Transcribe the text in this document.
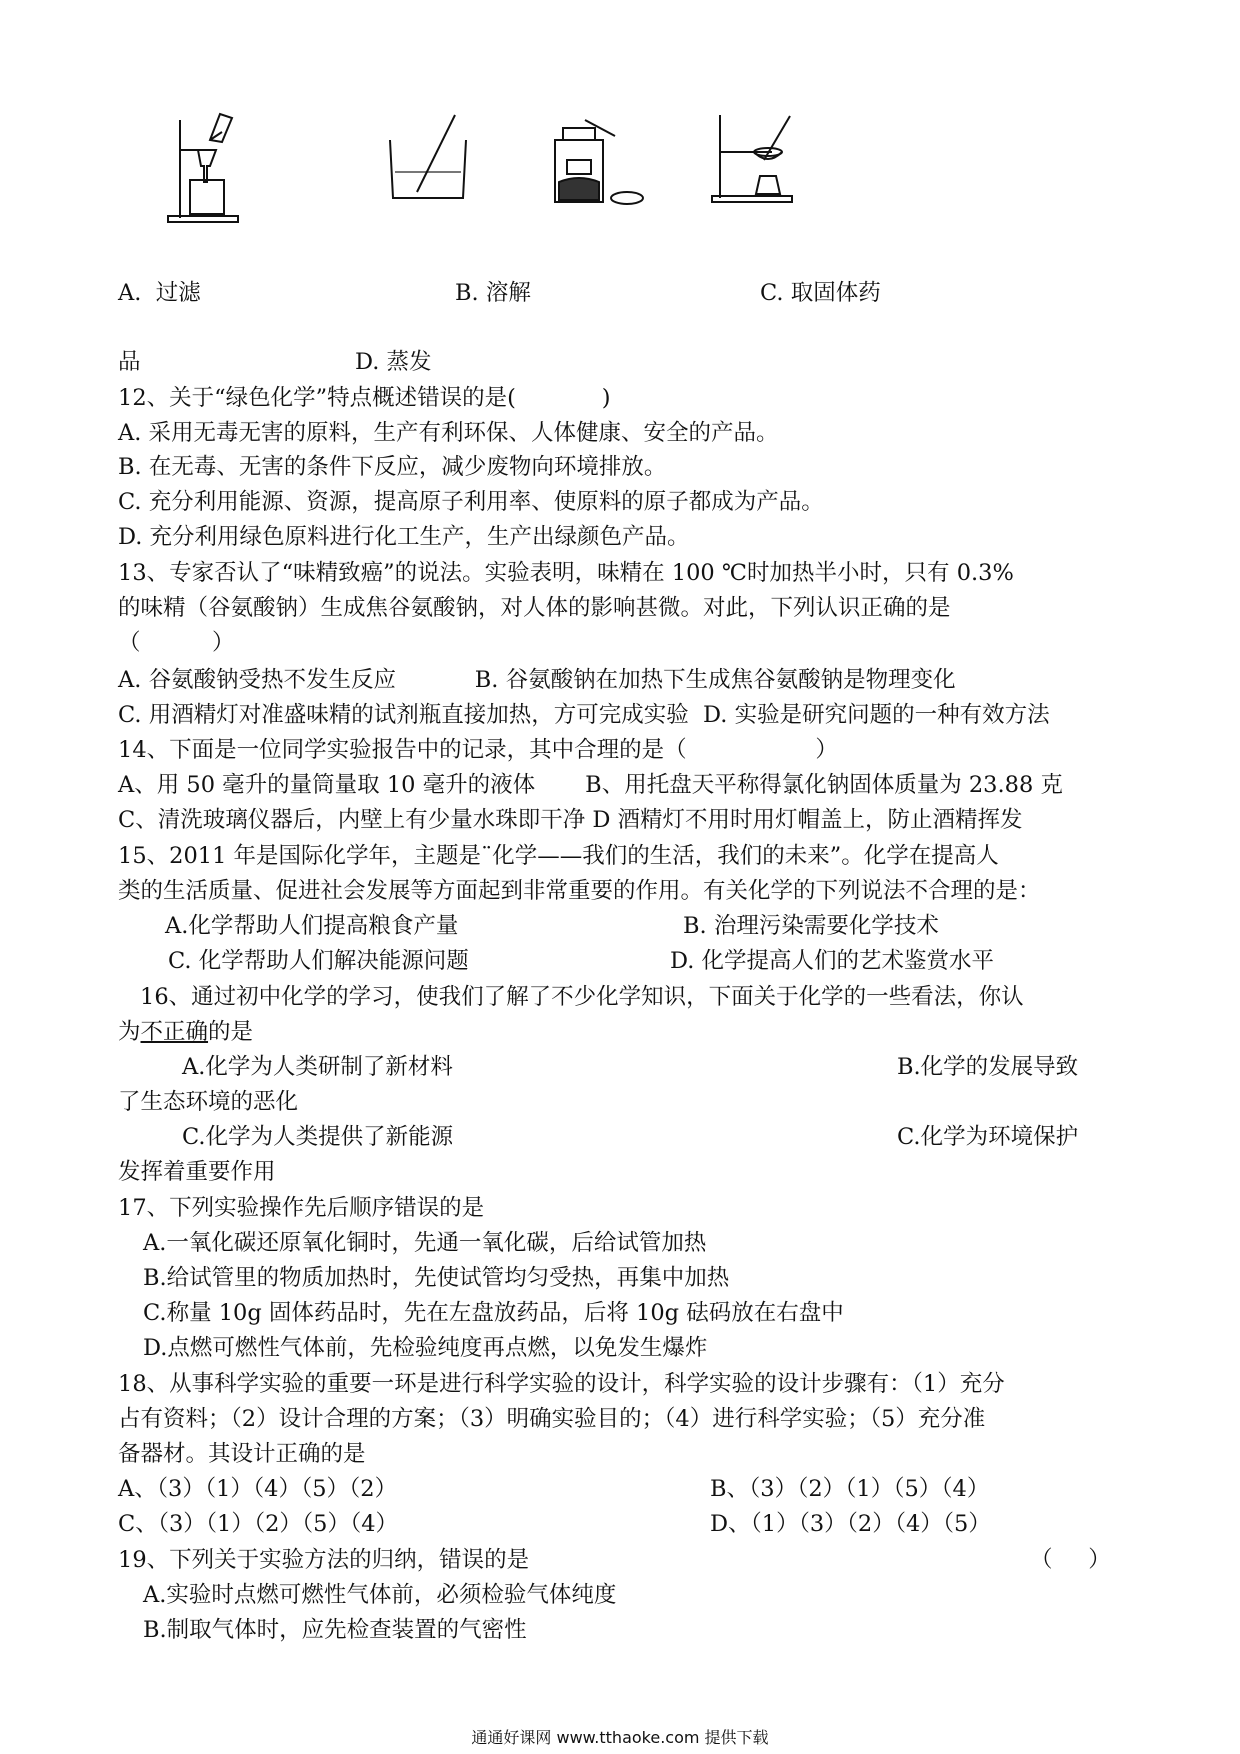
A.  过滤	B. 溶解	C. 取固体药
品	D. 蒸发
12、关于“绿色化学”特点概述错误的是(            )
A. 采用无毒无害的原料，生产有利环保、人体健康、安全的产品。
B. 在无毒、无害的条件下反应，减少废物向环境排放。
C. 充分利用能源、资源，提高原子利用率、使原料的原子都成为产品。
D. 充分利用绿色原料进行化工生产，生产出绿颜色产品。
13、专家否认了“味精致癌”的说法。实验表明，味精在 100 ℃时加热半小时，只有 0.3%
的味精（谷氨酸钠）生成焦谷氨酸钠，对人体的影响甚微。对此，下列认识正确的是
（          ）
A. 谷氨酸钠受热不发生反应           B. 谷氨酸钠在加热下生成焦谷氨酸钠是物理变化
C. 用酒精灯对准盛味精的试剂瓶直接加热，方可完成实验  D. 实验是研究问题的一种有效方法
14、下面是一位同学实验报告中的记录，其中合理的是（                  ）
A、用 50 毫升的量筒量取 10 毫升的液体       B、用托盘天平称得氯化钠固体质量为 23.88 克
C、清洗玻璃仪器后，内壁上有少量水珠即干净 D 酒精灯不用时用灯帽盖上，防止酒精挥发
15、2011 年是国际化学年，主题是¨化学——我们的生活，我们的未来”。化学在提高人
类的生活质量、促进社会发展等方面起到非常重要的作用。有关化学的下列说法不合理的是：
A.化学帮助人们提高粮食产量	B. 治理污染需要化学技术
C. 化学帮助人们解决能源问题	D. 化学提高人们的艺术鉴赏水平
16、通过初中化学的学习，使我们了解了不少化学知识，下面关于化学的一些看法，你认
为不正确的是
A.化学为人类研制了新材料	B.化学的发展导致
了生态环境的恶化
C.化学为人类提供了新能源	C.化学为环境保护
发挥着重要作用
17、下列实验操作先后顺序错误的是
A.一氧化碳还原氧化铜时，先通一氧化碳，后给试管加热
B.给试管里的物质加热时，先使试管均匀受热，再集中加热
C.称量 10g 固体药品时，先在左盘放药品，后将 10g 砝码放在右盘中
D.点燃可燃性气体前，先检验纯度再点燃，以免发生爆炸
18、从事科学实验的重要一环是进行科学实验的设计，科学实验的设计步骤有：（1）充分
占有资料；（2）设计合理的方案；（3）明确实验目的；（4）进行科学实验；（5）充分准
备器材。其设计正确的是
A、（3）（1）（4）（5）（2）	B、（3）（2）（1）（5）（4）
C、（3）（1）（2）（5）（4）	D、（1）（3）（2）（4）（5）
19、下列关于实验方法的归纳，错误的是	（     ）
A.实验时点燃可燃性气体前，必须检验气体纯度
B.制取气体时，应先检查装置的气密性
通通好课网 www.tthaoke.com 提供下载
